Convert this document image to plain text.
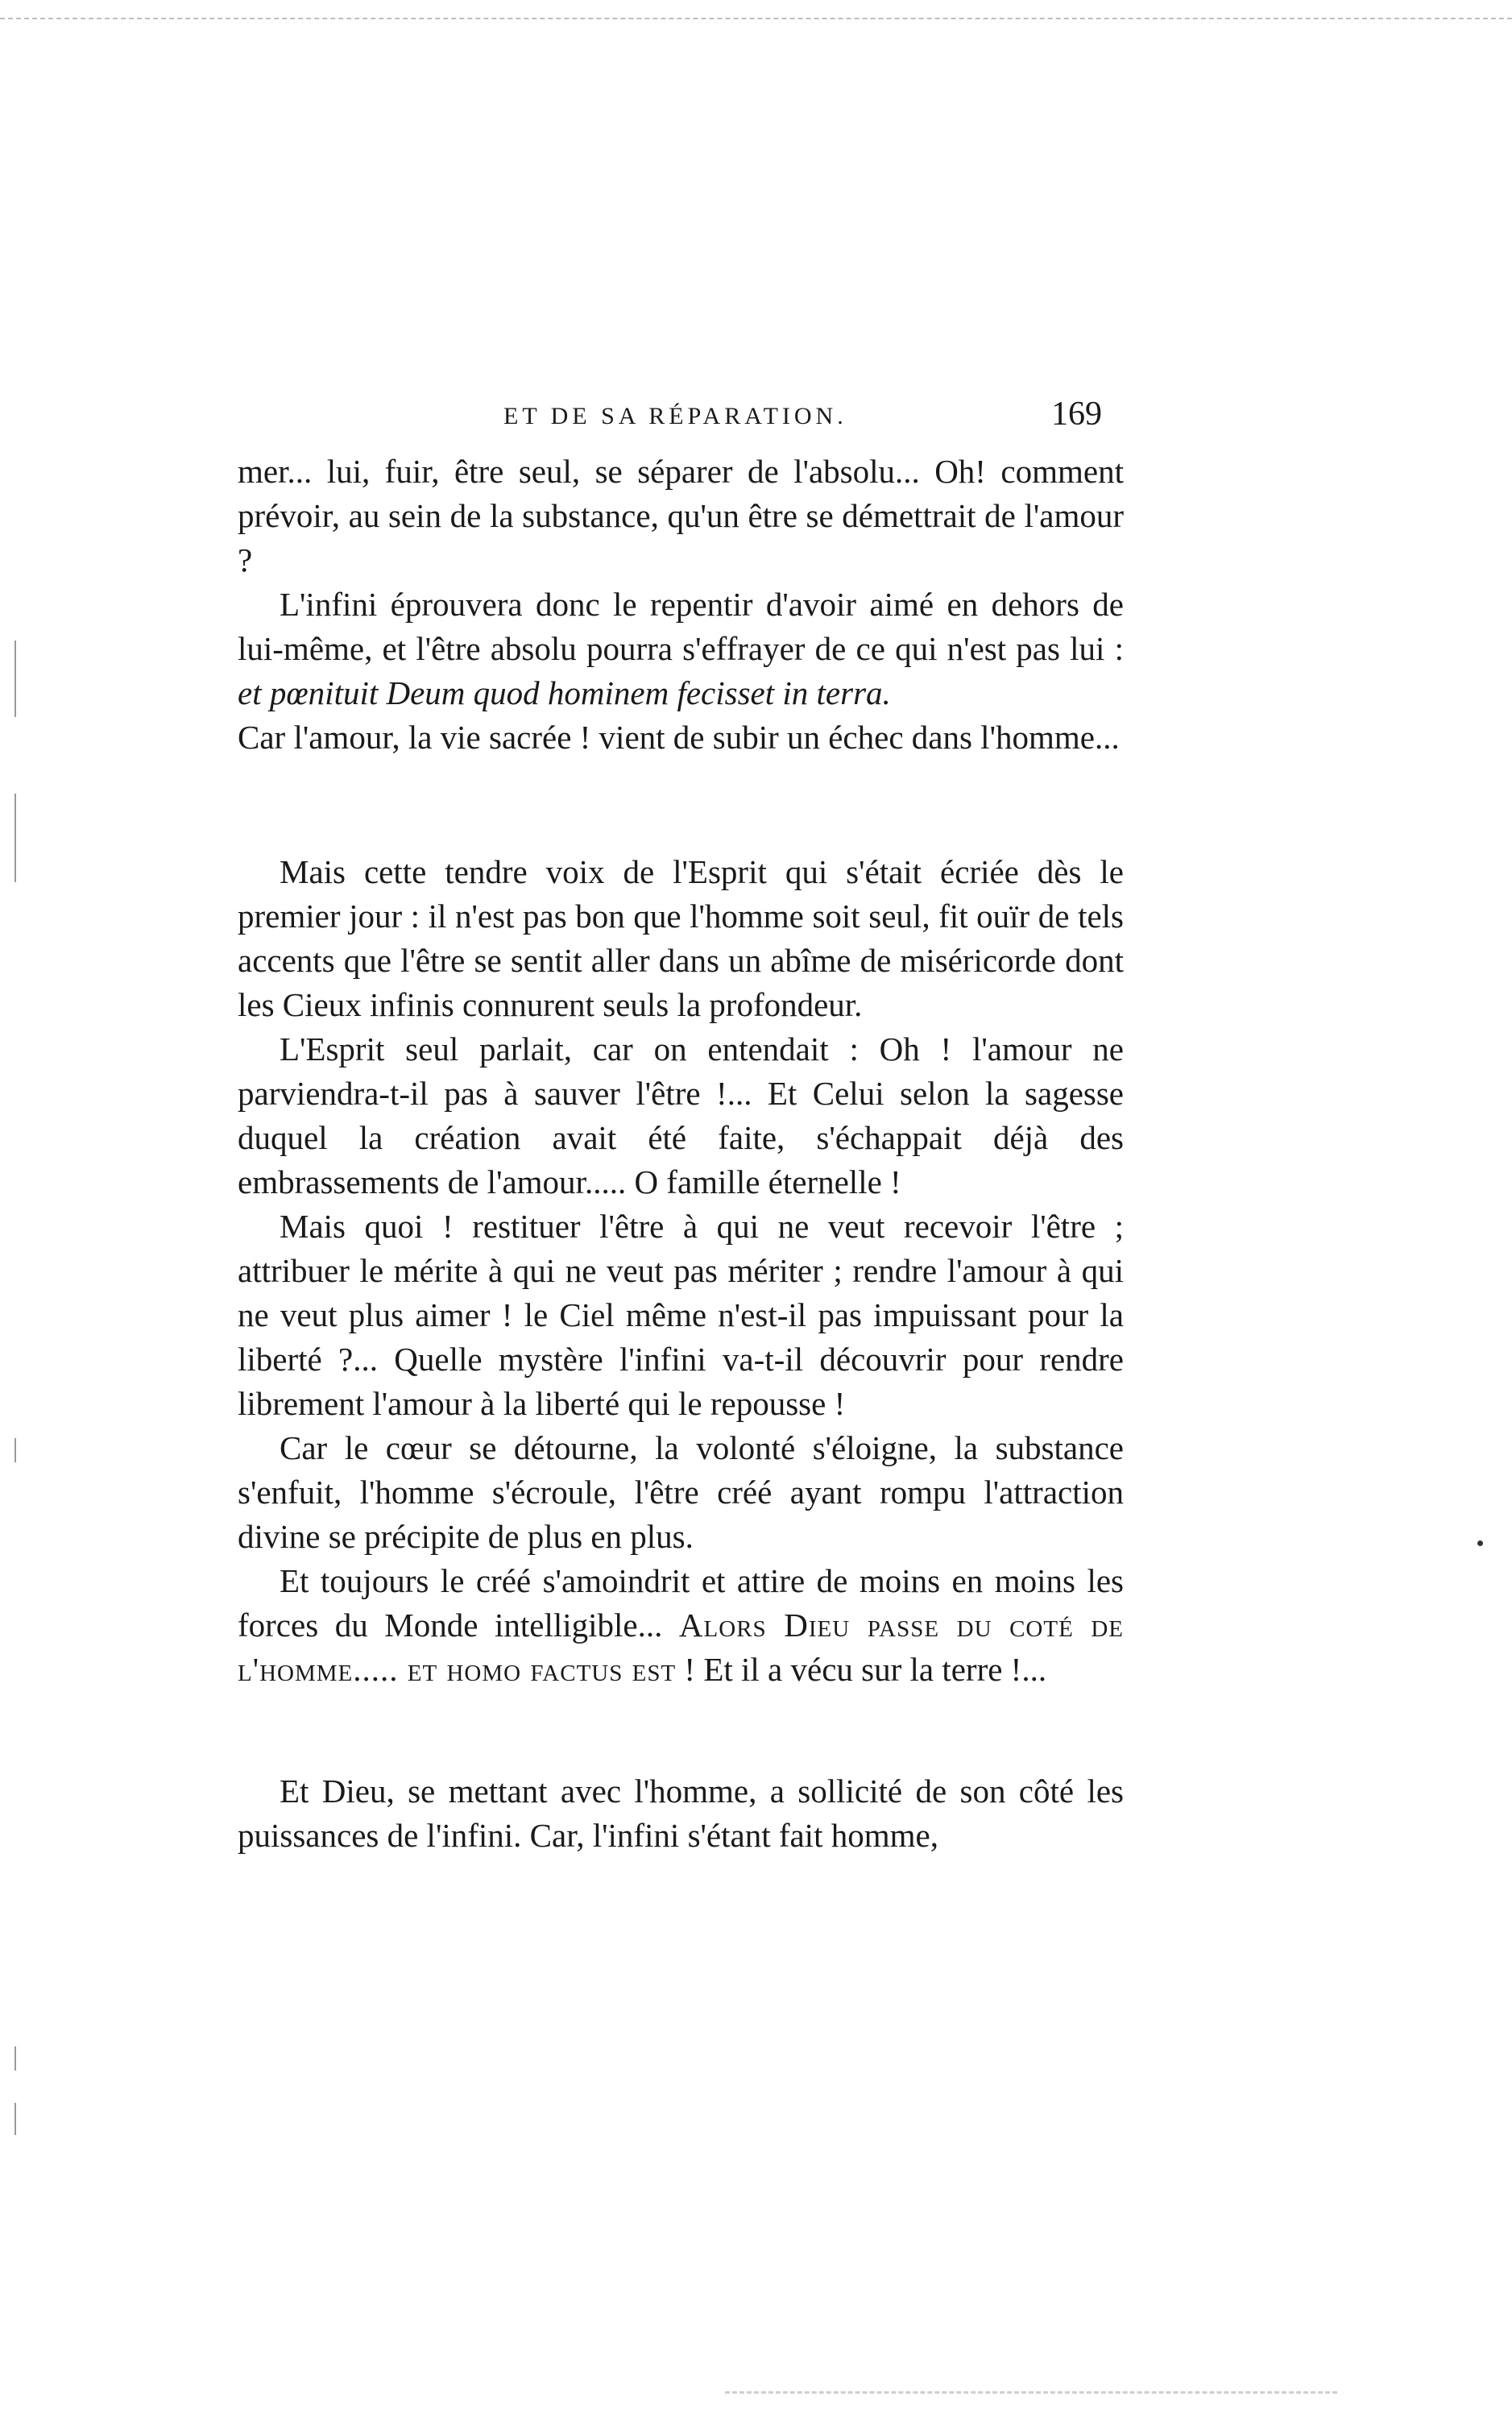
ET DE SA RÉPARATION.	169

mer... lui, fuir, être seul, se séparer de l'absolu... Oh! comment prévoir, au sein de la substance, qu'un être se démettrait de l'amour ?

L'infini éprouvera donc le repentir d'avoir aimé en dehors de lui-même, et l'être absolu pourra s'effrayer de ce qui n'est pas lui : et pœnituit Deum quod hominem fecisset in terra.

Car l'amour, la vie sacrée ! vient de subir un échec dans l'homme...

Mais cette tendre voix de l'Esprit qui s'était écriée dès le premier jour : il n'est pas bon que l'homme soit seul, fit ouïr de tels accents que l'être se sentit aller dans un abîme de miséricorde dont les Cieux infinis connurent seuls la profondeur.

L'Esprit seul parlait, car on entendait : Oh ! l'amour ne parviendra-t-il pas à sauver l'être !... Et Celui selon la sagesse duquel la création avait été faite, s'échappait déjà des embrassements de l'amour..... O famille éternelle !

Mais quoi ! restituer l'être à qui ne veut recevoir l'être ; attribuer le mérite à qui ne veut pas mériter ; rendre l'amour à qui ne veut plus aimer ! le Ciel même n'est-il pas impuissant pour la liberté ?... Quelle mystère l'infini va-t-il découvrir pour rendre librement l'amour à la liberté qui le repousse !

Car le cœur se détourne, la volonté s'éloigne, la substance s'enfuit, l'homme s'écroule, l'être créé ayant rompu l'attraction divine se précipite de plus en plus.

Et toujours le créé s'amoindrit et attire de moins en moins les forces du Monde intelligible... Alors Dieu passe du coté de l'homme..... et homo factus est ! Et il a vécu sur la terre !...

Et Dieu, se mettant avec l'homme, a sollicité de son côté les puissances de l'infini. Car, l'infini s'étant fait homme,
